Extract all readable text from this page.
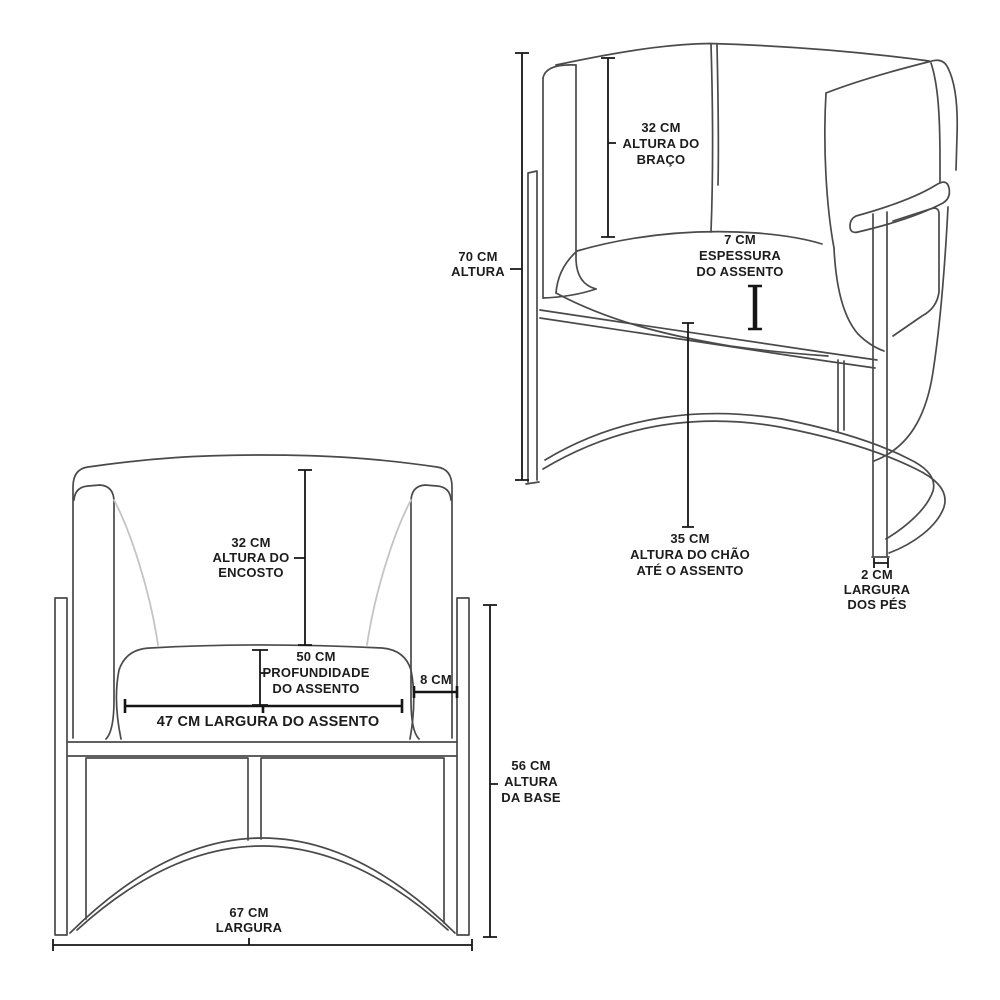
32 CM
ALTURA DO
BRAÇO
7 CM
ESPESSURA
DO ASSENTO
70 CM
ALTURA
35 CM
ALTURA DO CHÃO
ATÉ O ASSENTO	2 CM
LARGURA
DOS PÉS
32 CM
ALTURA DO
ENCOSTO
50 CM
PROFUNDIDADE
DO ASSENTO
8 CM
47 CM LARGURA DO ASSENTO
56 CM
ALTURA
DA BASE
67 CM
LARGURA
